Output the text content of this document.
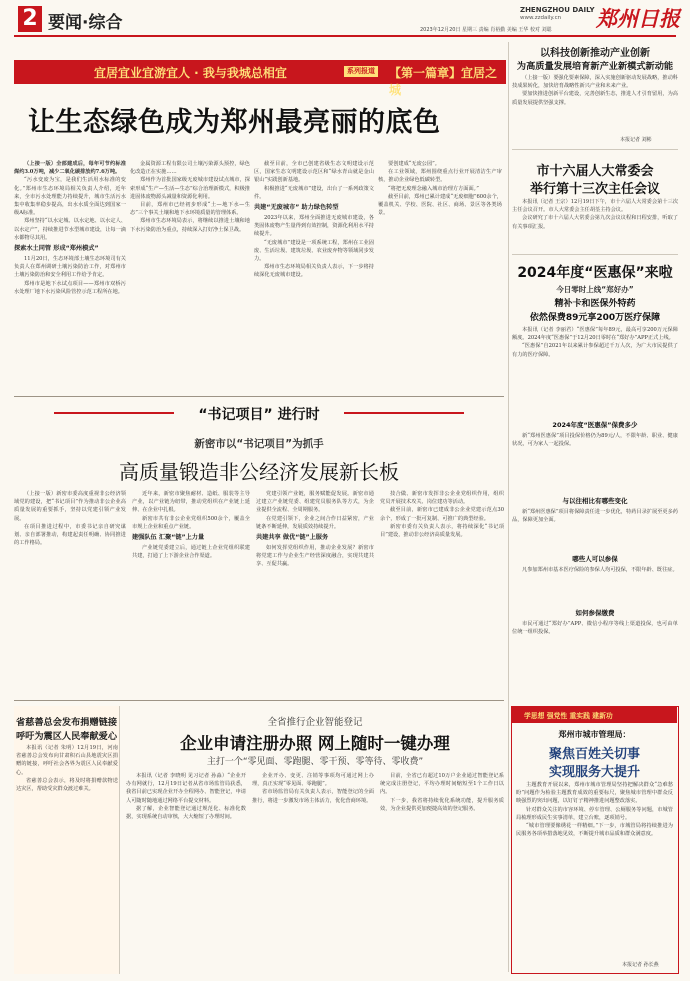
2 要闻·综合
ZHENGZHOU DAILY
www.zzdaily.cn 郑州日报
2023年12月20日 星期三 责编 肖裕勤 美编 王华 校对 刘聪
宜居宜业宜游宜人 · 我与我城总相宜	系列报道 【第一篇章】宜居之城
让生态绿色成为郑州最亮丽的底色

（上接一版）全部建成后，每年可节约标准煤约3.0万吨，减少二氧化碳排放约7.6万吨。

“污水变废为宝，是我们生活用水标准的变化。”郑州市生态环境局相关负责人介绍，近年来，全市污水处理能力持续提升，城市生活污水集中收集率稳步提高，出水水质全面达到国家一级A标准。

郑州坚持“以水定城、以水定地、以水定人、以水定产”，持续推进节水型城市建设，让每一滴水都物尽其用。

探索水土同管 形成“郑州模式”

11月20日，生态环境部土壤生态环境司有关负责人在郑州调研土壤污染防治工作，对郑州市土壤污染防治和安全利用工作给予肯定。

郑州市是地下水试点项目——郑州市双桥污水处理厂地下水污染风险管控示范工程所在地。

金属资源工程有限公司土壤污染源头预控，绿色化改造正在实施……

郑州作为首批国家级无废城市建设试点城市，探索形成“生产—生活—生态”综合治理新模式，积极推进固体废物源头减量和资源化利用。

目前，郑州市已经初步形成“土—地下水—生态”三个事关土壤和地下水环境质量的管理体系。

郑州市生态环境局表示，将继续以推进土壤和地下水污染防治为重点，持续深入打好净土保卫战。

截至目前，全市已创建省级生态文明建设示范区，国家生态文明建设示范区和“绿水青山就是金山银山”实践创新基地。

积极推进“无废城市”建设，出台了一系列政策文件。

共建“无废城市” 助力绿色转型

2023年以来，郑州全面推进无废城市建设，各类固体废物产生量得到有效控制，资源化利用水平持续提升。

“无废城市”建设是一项系统工程，郑州在工业固废、生活垃圾、建筑垃圾、农业废弃物等领域同步发力。

郑州市生态环境局相关负责人表示，下一步将持续深化无废城市建设。

要创建成“无废公园”。

在工业领域，郑州围绕重点行业开展清洁生产审核，推动企业绿色低碳转型。

“将把无废理念融入城市治理方方面面。”

截至目前，郑州已累计建成“无废细胞”600余个，覆盖机关、学校、医院、社区、商场、景区等各类场景。

以科技创新推动产业创新
为高质量发展培育新产业新模式新动能

（上接一版）要强化要素保障，深入实施创新驱动发展战略，推动科技成果转化，加快培育战略性新兴产业和未来产业。

要加快推进创新平台建设，完善创新生态，推进人才引育留用，为高质量发展提供坚强支撑。

本报记者 刘彬
市十六届人大常委会
举行第十三次主任会议

本报讯（记者 王宗）12月19日下午，市十六届人大常委会第十三次主任会议召开。市人大常委会主任胡荃主持会议。

会议研究了市十六届人大常委会第九次会议议程和日程安排，听取了有关事项汇报。

2024年度“医惠保”来啦
今日零时上线“郑好办”
精补卡和医保外特药
依然保费89元享200万医疗保障

本报讯（记者 李丽君）“医惠保”每年89元，最高可享200万元保障额度。2024年度“医惠保”于12月20日零时在“郑好办”APP正式上线。

“医惠保”自2021年以来累计参保超过千万人次，为广大市民提供了有力的医疗保障。

2024年度“医惠保”保费多少

新“郑州医惠保”项目投保价格仍为89元/人，不限年龄、职业、健康状况，可为家人一起投保。

与以往相比有哪些变化

新“郑州医惠保”项目将保障责任进一步优化，特药目录扩展至更多药品，保障更加全面。

哪些人可以参保

凡参加郑州市基本医疗保险的参保人均可投保，不限年龄、既往症。

如何参保缴费

市民可通过“郑好办”APP、微信小程序等线上渠道投保，也可由单位统一组织投保。

学思想 强党性 重实践 建新功
郑州市城市管理局：
聚焦百姓关切事
实现服务大提升

主题教育开展以来，郑州市城市管理局坚持把解决群众“急难愁盼”问题作为检验主题教育成效的重要标尺，聚焦城市管理中群众反映强烈的突出问题，以钉钉子精神推进问题整改落实。

针对群众关注的市容环境、停车管理、公厕服务等问题，市城管局梳理形成民生实事清单，建立台账，逐项销号。

“城市管理要像绣花一样精细。”下一步，市城管局将持续推进为民服务各项举措落地见效，不断提升城市品质和群众满意度。

本报记者 孙长燕
“书记项目” 进行时
新密市以“书记项目”为抓手
高质量锻造非公经济发展新长板

（上接一版）新密市委高度重视非公经济领域党的建设，把“书记项目”作为推动非公企业高质量发展的重要抓手，坚持以党建引领产业发展。

在项目推进过程中，市委书记亲自研究谋划、亲自部署推动，构建起责任明确、协同推进的工作格局。

近年来，新密市聚焦耐材、造纸、服装等主导产业，以产业链为纽带，推动党组织在产业链上延伸、在企业中扎根。

新密市共有非公企业党组织500余个，覆盖全市规上企业和重点产业链。

建强队伍 汇聚“链”上力量

产业链党委建立后，通过链上企业党组织联建共建，打通了上下游企业合作渠道。

党建引领产业链，服务赋能促发展。新密市通过建立产业链党委、组建党员服务队等方式，为企业提供全流程、全周期服务。

在党建引领下，企业之间合作日益紧密，产业链条不断延伸，发展质效持续提升。

共建共享 做优“链”上服务

如何发挥党组织作用，推动企业发展？新密市将党建工作与企业生产经营深度融合，实现共建共享、互促共赢。

技合做、新密市发挥非公企业党组织作用，组织党员开展技术攻关、岗位建功等活动。

截至目前，新密市已建成非公企业党建示范点30余个，形成了一批可复制、可推广的典型经验。

新密市委有关负责人表示，将持续深化“书记项目”建设，推动非公经济高质量发展。

省慈善总会发布捐赠链接
呼吁为震区人民奉献爱心

本报讯（记者 朱明）12月19日，河南省慈善总会发布向甘肃积石山县地震灾区捐赠的链接，呼吁社会各界为震区人民奉献爱心。

省慈善总会表示，将及时将捐赠款物送达灾区，帮助受灾群众渡过难关。

全省推行企业智能登记
企业申请注册办照 网上随时一键办理
主打一个“零见面、零跑腿、零干预、零等待、零收费”

本报讯（记者 李晓明 见习记者 孙淼）“企业开办有网就行，12月19日记者从省市场监管局获悉，我省目前已实现企业开办全程网办、智能登记，申请人可随时随地通过网络平台提交材料。

据了解，企业智能登记通过规范化、标准化数据，实现系统自动审核，大大缩短了办理时间。

企业开办、变更、注销等事项均可通过网上办理，真正实现“零见面、零跑腿”。

省市场监管局有关负责人表示，智能登记的全面推行，将进一步激发市场主体活力，优化营商环境。

目前，全省已有超过10万户企业通过智能登记系统完成注册登记，平均办理时间缩短至1个工作日以内。

下一步，我省将持续优化系统功能，提升服务质效，为企业提供更加便捷高效的登记服务。
